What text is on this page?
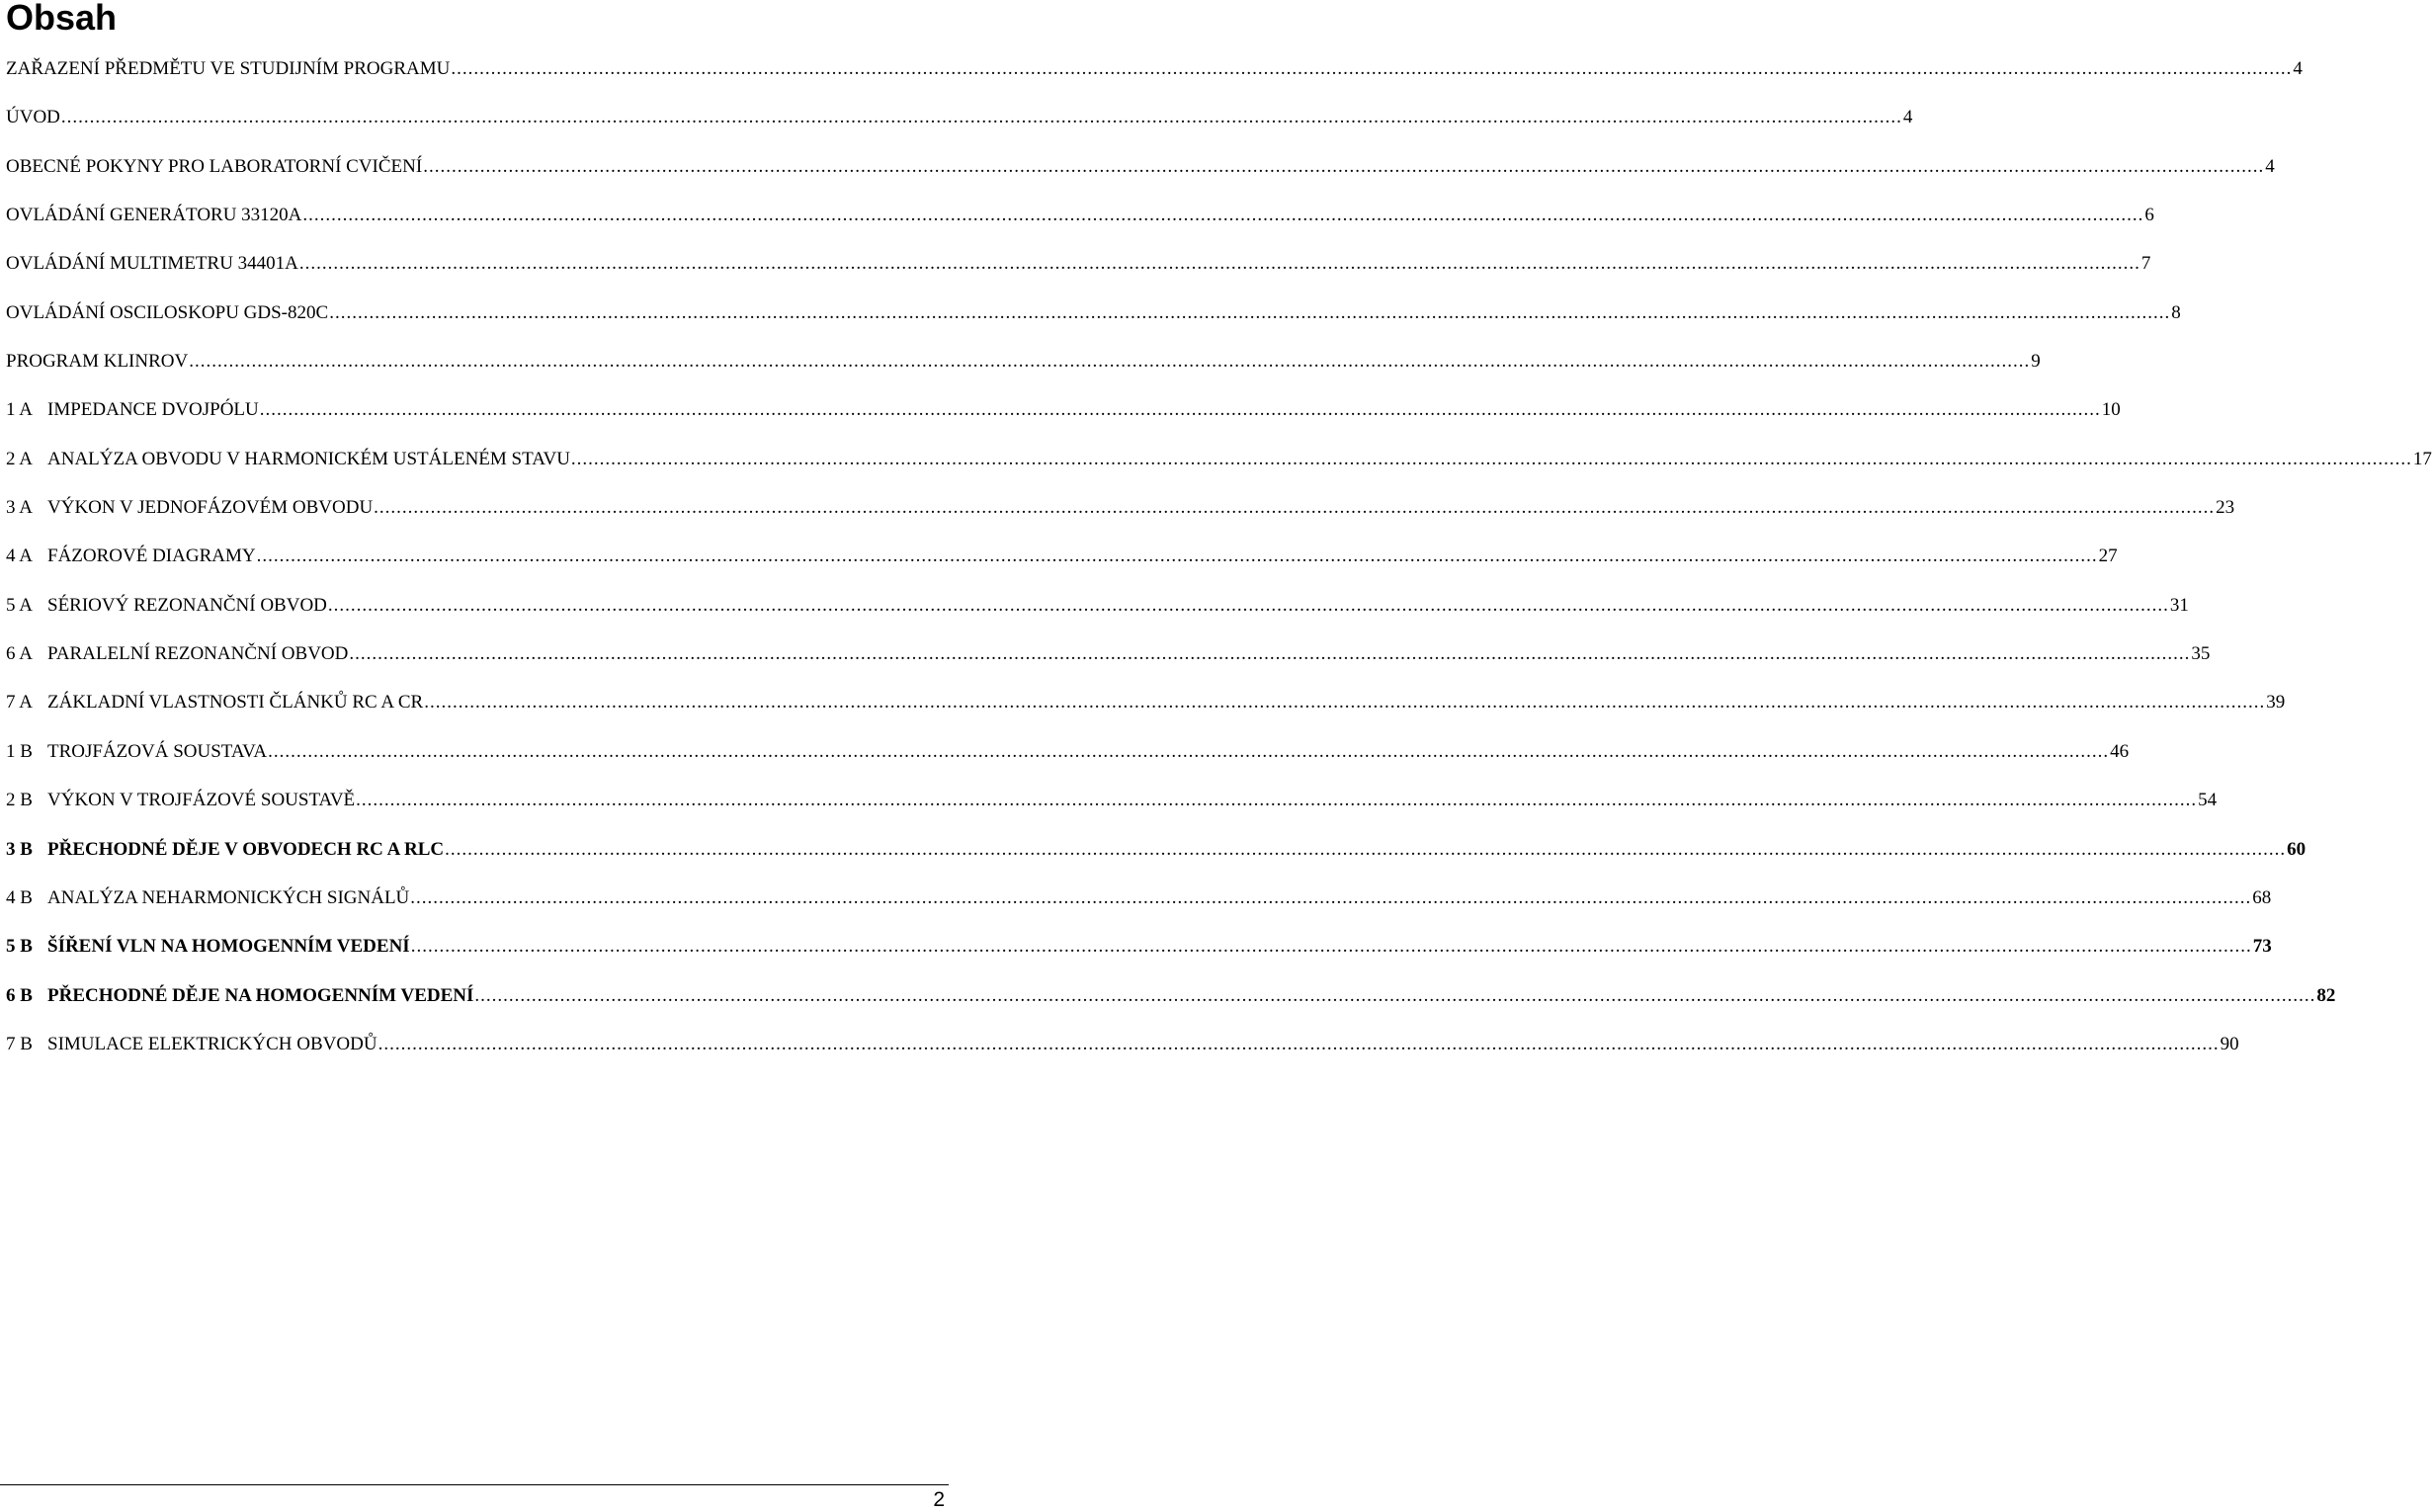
Obsah
ZAŘAZENÍ PŘEDMĚTU VE STUDIJNÍM PROGRAMU .....	4
ÚVOD .....	4
OBECNÉ POKYNY PRO LABORATORNÍ CVIČENÍ .....	4
OVLÁDÁNÍ GENERÁTORU 33120A .....	6
OVLÁDÁNÍ MULTIMETRU 34401A .....	7
OVLÁDÁNÍ OSCILOSKOPU GDS-820C .....	8
PROGRAM KLINROV .....	9
1 A IMPEDANCE DVOJPÓLU .....	10
2 A ANALÝZA OBVODU V HARMONICKÉM USTÁLENÉM STAVU .....	17
3 A VÝKON V JEDNOFÁZOVÉM OBVODU .....	23
4 A FÁZOROVÉ DIAGRAMY .....	27
5 A SÉRIOVÝ REZONANČNÍ OBVOD .....	31
6 A PARALELNÍ REZONANČNÍ OBVOD .....	35
7 A ZÁKLADNÍ VLASTNOSTI ČLÁNKŮ RC A CR .....	39
1 B TROJFÁZOVÁ SOUSTAVA .....	46
2 B VÝKON V TROJFÁZOVÉ SOUSTAVĚ .....	54
3 B PŘECHODNÉ DĚJE V OBVODECH RC A RLC .....	60
4 B ANALÝZA NEHARMONICKÝCH SIGNÁLŮ .....	68
5 B ŠÍŘENÍ VLN NA HOMOGENNÍM VEDENÍ .....	73
6 B PŘECHODNÉ DĚJE NA HOMOGENNÍM VEDENÍ .....	82
7 B SIMULACE ELEKTRICKÝCH OBVODŮ .....	90
2
